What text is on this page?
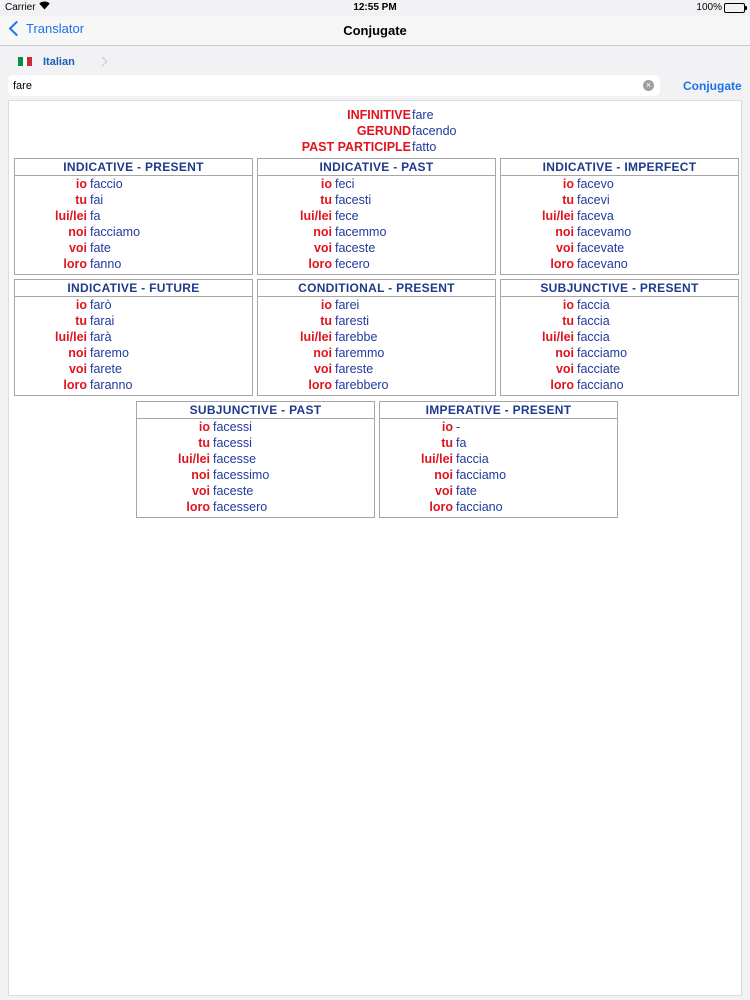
Carrier	12:55 PM	100%
Translator	Conjugate
Italian
fare
×	Conjugate
INFINITIVE fare
GERUND facendo
PAST PARTICIPLE fatto
INDICATIVE - PRESENT
io faccio
tu fai
lui/lei fa
noi facciamo
voi fate
loro fanno
INDICATIVE - PAST
io feci
tu facesti
lui/lei fece
noi facemmo
voi faceste
loro fecero
INDICATIVE - IMPERFECT
io facevo
tu facevi
lui/lei faceva
noi facevamo
voi facevate
loro facevano
INDICATIVE - FUTURE
io farò
tu farai
lui/lei farà
noi faremo
voi farete
loro faranno
CONDITIONAL - PRESENT
io farei
tu faresti
lui/lei farebbe
noi faremmo
voi fareste
loro farebbero
SUBJUNCTIVE - PRESENT
io faccia
tu faccia
lui/lei faccia
noi facciamo
voi facciate
loro facciano
SUBJUNCTIVE - PAST
io facessi
tu facessi
lui/lei facesse
noi facessimo
voi faceste
loro facessero
IMPERATIVE - PRESENT
io -
tu fa
lui/lei faccia
noi facciamo
voi fate
loro facciano
